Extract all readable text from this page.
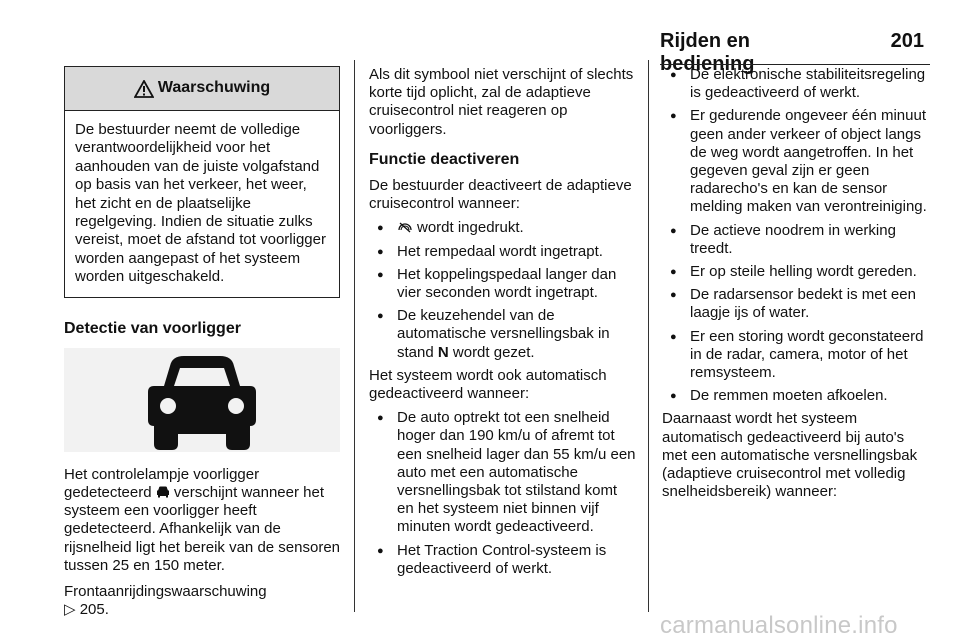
Rijden en bediening
201
Waarschuwing
De bestuurder neemt de volledige verantwoordelijkheid voor het aanhouden van de juiste volgafstand op basis van het verkeer, het weer, het zicht en de plaatselijke regelgeving. Indien de situatie zulks vereist, moet de afstand tot voorligger worden aangepast of het systeem worden uitgeschakeld.
Detectie van voorligger

Het controlelampje voorligger gedetecteerd verschijnt wanneer het systeem een voorligger heeft gedetecteerd. Afhankelijk van de rijsnelheid ligt het bereik van de sensoren tussen 25 en 150 meter.

Frontaanrijdingswaarschuwing
▷ 205.

Als dit symbool niet verschijnt of slechts korte tijd oplicht, zal de adaptieve cruisecontrol niet reageren op voorliggers.

Functie deactiveren

De bestuurder deactiveert de adaptieve cruisecontrol wanneer:

● wordt ingedrukt.
● Het rempedaal wordt ingetrapt.
● Het koppelingspedaal langer dan vier seconden wordt ingetrapt.
● De keuzehendel van de automatische versnellingsbak in stand N wordt gezet.

Het systeem wordt ook automatisch gedeactiveerd wanneer:

● De auto optrekt tot een snelheid hoger dan 190 km/u of afremt tot een snelheid lager dan 55 km/u een auto met een automatische versnellingsbak tot stilstand komt en het systeem niet binnen vijf minuten wordt gedeactiveerd.
● Het Traction Control-systeem is gedeactiveerd of werkt.
● De elektronische stabiliteitsregeling is gedeactiveerd of werkt.
● Er gedurende ongeveer één minuut geen ander verkeer of object langs de weg wordt aangetroffen. In het gegeven geval zijn er geen radarecho's en kan de sensor melding maken van verontreiniging.
● De actieve noodrem in werking treedt.
● Er op steile helling wordt gereden.
● De radarsensor bedekt is met een laagje ijs of water.
● Er een storing wordt geconstateerd in de radar, camera, motor of het remsysteem.
● De remmen moeten afkoelen.

Daarnaast wordt het systeem automatisch gedeactiveerd bij auto's met een automatische versnellingsbak (adaptieve cruisecontrol met volledig snelheidsbereik) wanneer:

carmanualsonline.info
